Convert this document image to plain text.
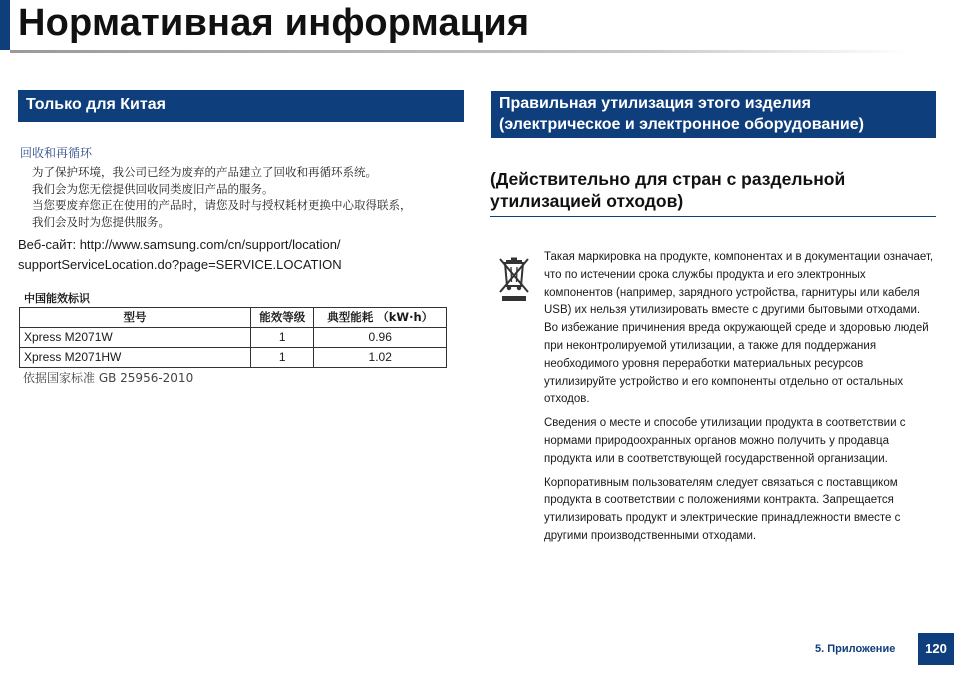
Нормативная информация
Только для Китая
回收和再循环
为了保护环境，我公司已经为废弃的产品建立了回收和再循环系统。
我们会为您无偿提供回收同类废旧产品的服务。
当您要废弃您正在使用的产品时，请您及时与授权耗材更换中心取得联系，
我们会及时为您提供服务。
Веб-сайт: http://www.samsung.com/cn/support/location/
supportServiceLocation.do?page=SERVICE.LOCATION
中国能效标识
型号	能效等级	典型能耗 （kW·h）
Xpress M2071W	1	0.96
Xpress M2071HW	1	1.02
依据国家标准 GB 25956-2010
Правильная утилизация этого изделия
(электрическое и электронное оборудование)
(Действительно для стран с раздельной
утилизацией отходов)

Такая маркировка на продукте, компонентах и в документации означает, что по истечении срока службы продукта и его электронных компонентов (например, зарядного устройства, гарнитуры или кабеля USB) их нельзя утилизировать вместе с другими бытовыми отходами. Во избежание причинения вреда окружающей среде и здоровью людей при неконтролируемой утилизации, а также для поддержания необходимого уровня переработки материальных ресурсов утилизируйте устройство и его компоненты отдельно от остальных отходов.

Сведения о месте и способе утилизации продукта в соответствии с нормами природоохранных органов можно получить у продавца продукта или в соответствующей государственной организации.

Корпоративным пользователям следует связаться с поставщиком продукта в соответствии с положениями контракта. Запрещается утилизировать продукт и электрические принадлежности вместе с другими производственными отходами.

5. Приложение	120
